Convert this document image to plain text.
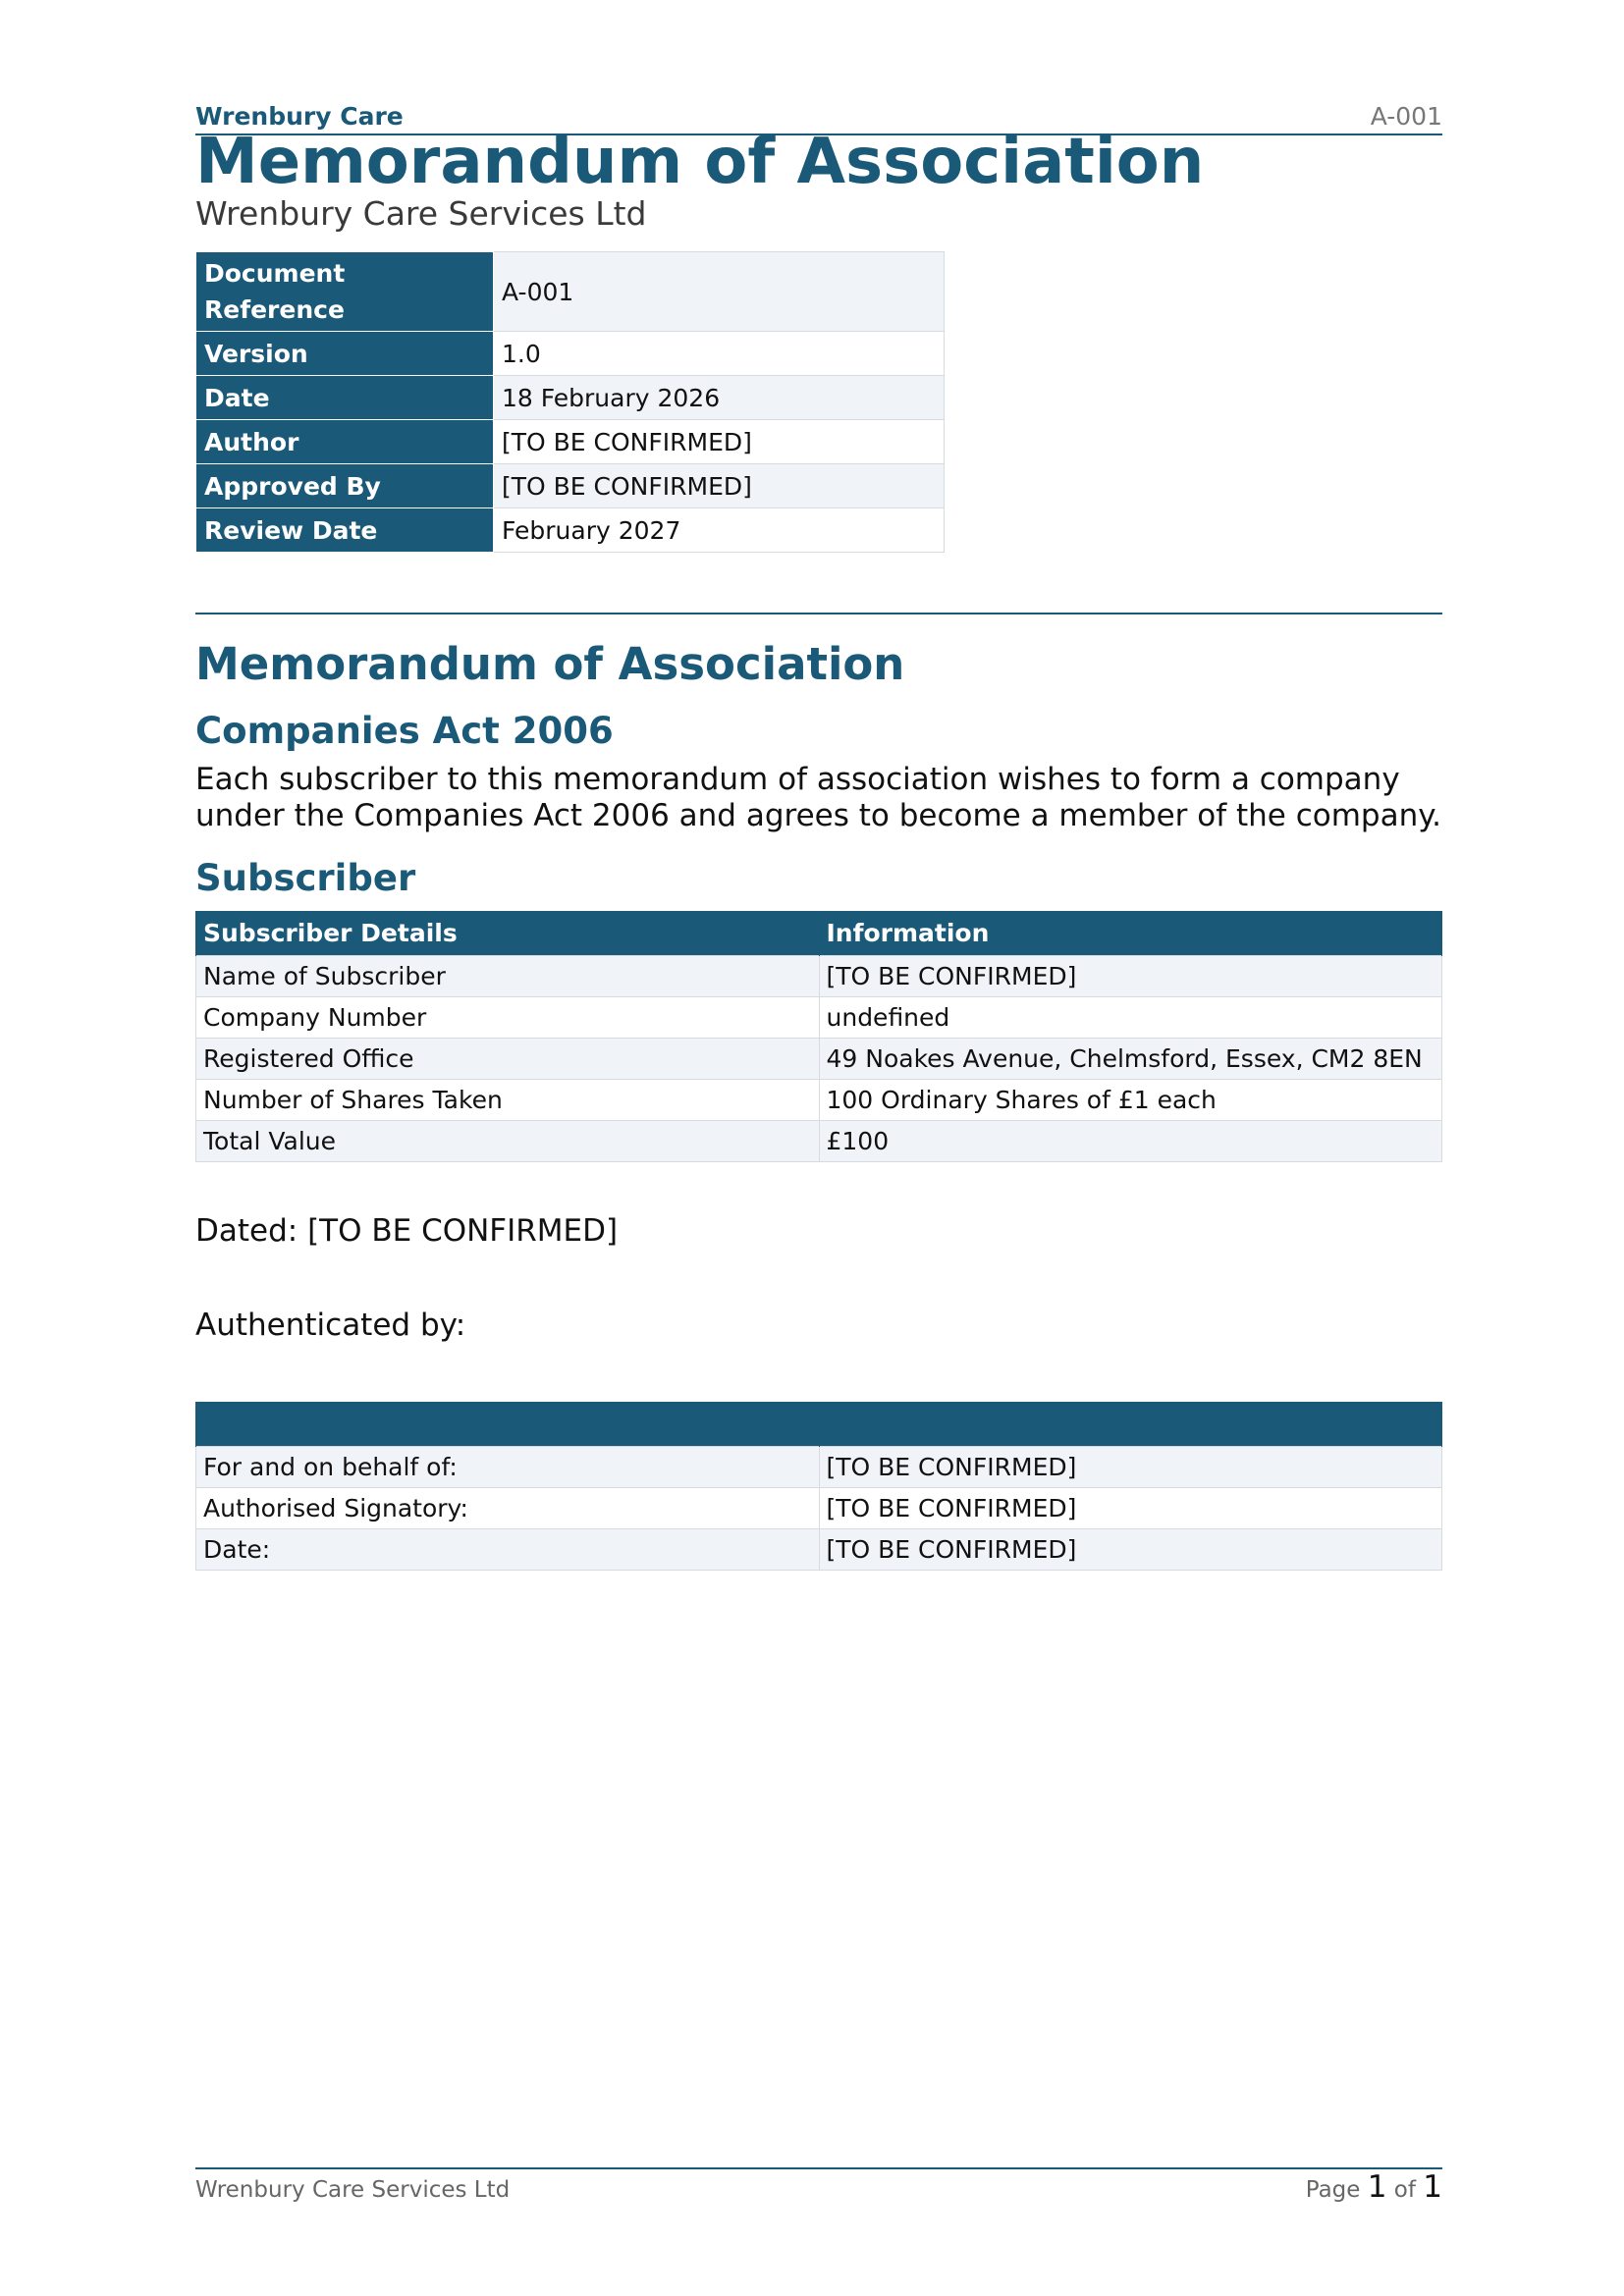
Wrenbury Care	A-001
Memorandum of Association
Wrenbury Care Services Ltd
Document Reference	A-001
Version	1.0
Date	18 February 2026
Author	[TO BE CONFIRMED]
Approved By	[TO BE CONFIRMED]
Review Date	February 2027
Memorandum of Association
Companies Act 2006
Each subscriber to this memorandum of association wishes to form a company under the Companies Act 2006 and agrees to become a member of the company.
Subscriber
Subscriber Details	Information
Name of Subscriber	[TO BE CONFIRMED]
Company Number	undefined
Registered Office	49 Noakes Avenue, Chelmsford, Essex, CM2 8EN
Number of Shares Taken	100 Ordinary Shares of £1 each
Total Value	£100
Dated: [TO BE CONFIRMED]
Authenticated by:

For and on behalf of:	[TO BE CONFIRMED]
Authorised Signatory:	[TO BE CONFIRMED]
Date:	[TO BE CONFIRMED]
Wrenbury Care Services Ltd	Page 1 of 1
